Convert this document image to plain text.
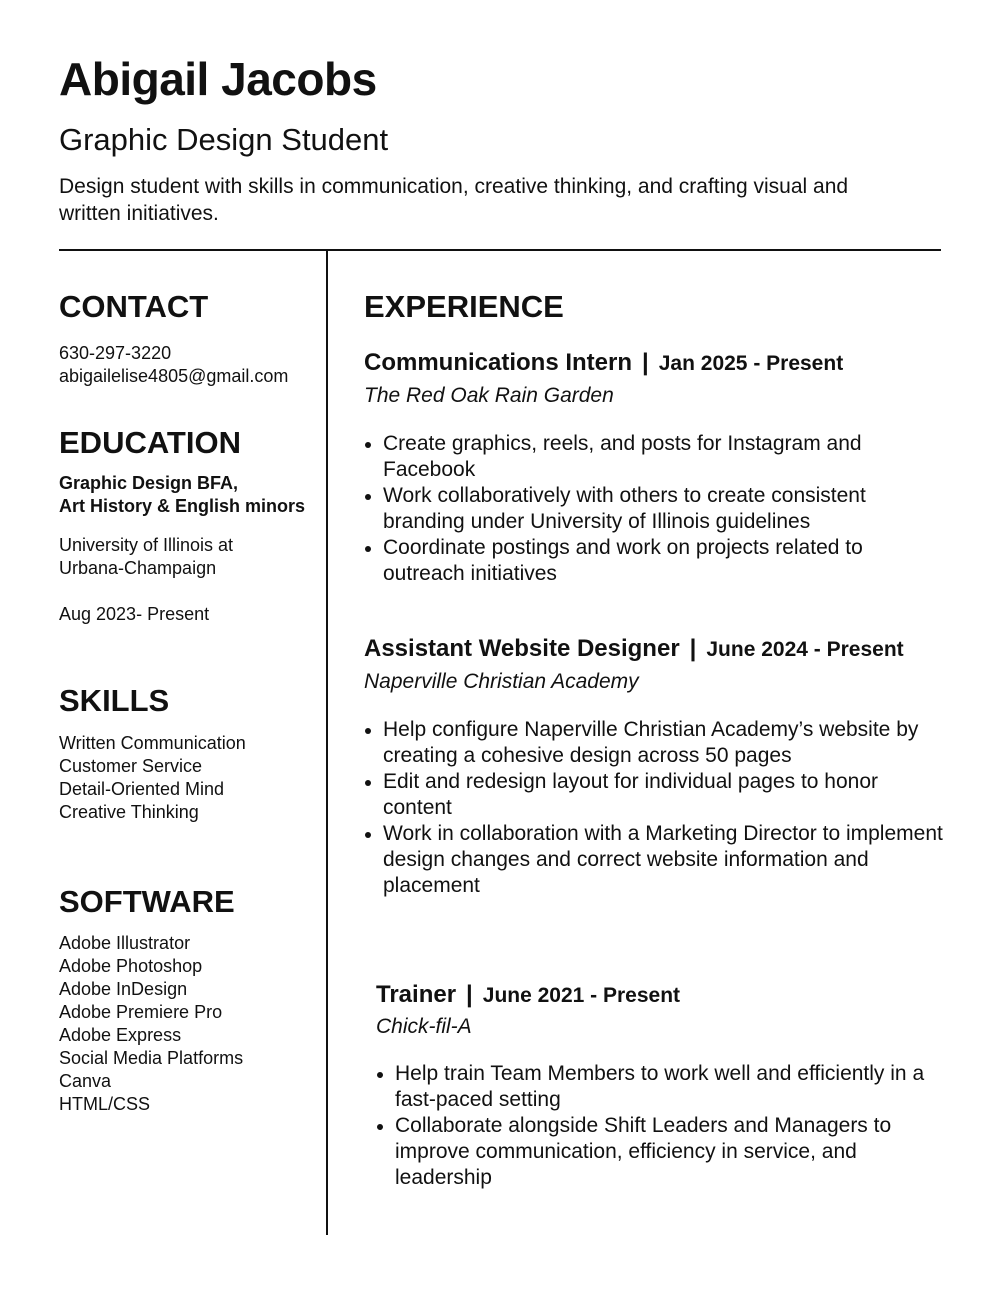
Abigail Jacobs
Graphic Design Student

Design student with skills in communication, creative thinking, and crafting visual and written initiatives.

CONTACT

630-297-3220

abigailelise4805@gmail.com

EDUCATION

Graphic Design BFA,

Art History & English minors

University of Illinois at

Urbana-Champaign

Aug 2023- Present

SKILLS
Written Communication
Customer Service
Detail-Oriented Mind
Creative Thinking
SOFTWARE
Adobe Illustrator
Adobe Photoshop
Adobe InDesign
Adobe Premiere Pro
Adobe Express
Social Media Platforms
Canva
HTML/CSS
EXPERIENCE
Communications Intern | Jan 2025 - Present

The Red Oak Rain Garden

Create graphics, reels, and posts for Instagram and Facebook
Work collaboratively with others to create consistent branding under University of Illinois guidelines
Coordinate postings and work on projects related to outreach initiatives
Assistant Website Designer | June 2024 - Present

Naperville Christian Academy

Help configure Naperville Christian Academy’s website by creating a cohesive design across 50 pages
Edit and redesign layout for individual pages to honor content
Work in collaboration with a Marketing Director to implement design changes and correct website information and placement
Trainer | June 2021 - Present

Chick-fil-A

Help train Team Members to work well and efficiently in a fast-paced setting
Collaborate alongside Shift Leaders and Managers to improve communication, efficiency in service, and leadership
